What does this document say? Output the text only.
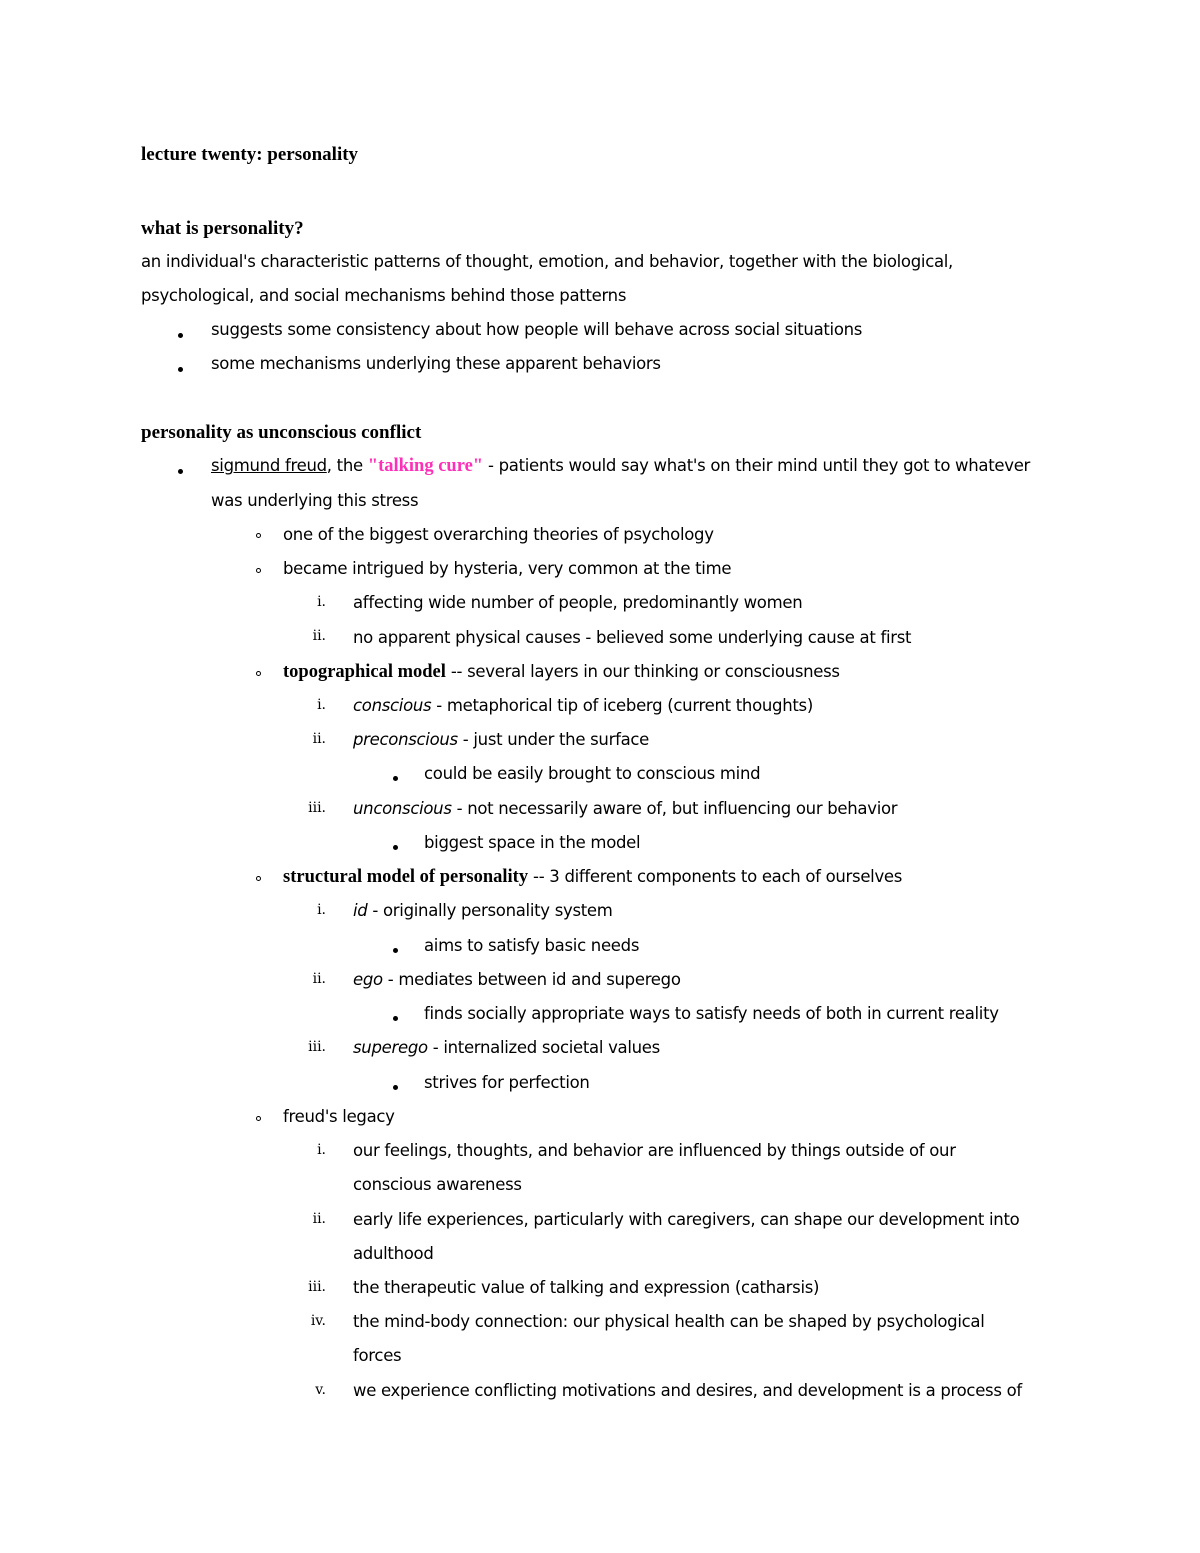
lecture twenty: personality
what is personality?
an individual's characteristic patterns of thought, emotion, and behavior, together with the biological,
psychological, and social mechanisms behind those patterns
suggests some consistency about how people will behave across social situations
some mechanisms underlying these apparent behaviors
personality as unconscious conflict
sigmund freud, the "talking cure" - patients would say what's on their mind until they got to whatever
was underlying this stress
one of the biggest overarching theories of psychology
became intrigued by hysteria, very common at the time
i. affecting wide number of people, predominantly women
ii. no apparent physical causes - believed some underlying cause at first
topographical model -- several layers in our thinking or consciousness
i. conscious - metaphorical tip of iceberg (current thoughts)
ii. preconscious - just under the surface
could be easily brought to conscious mind
iii. unconscious - not necessarily aware of, but influencing our behavior
biggest space in the model
structural model of personality -- 3 different components to each of ourselves
i. id - originally personality system
aims to satisfy basic needs
ii. ego - mediates between id and superego
finds socially appropriate ways to satisfy needs of both in current reality
iii. superego - internalized societal values
strives for perfection
freud's legacy
i. our feelings, thoughts, and behavior are influenced by things outside of our
conscious awareness
ii. early life experiences, particularly with caregivers, can shape our development into
adulthood
iii. the therapeutic value of talking and expression (catharsis)
iv. the mind-body connection: our physical health can be shaped by psychological
forces
v. we experience conflicting motivations and desires, and development is a process of
